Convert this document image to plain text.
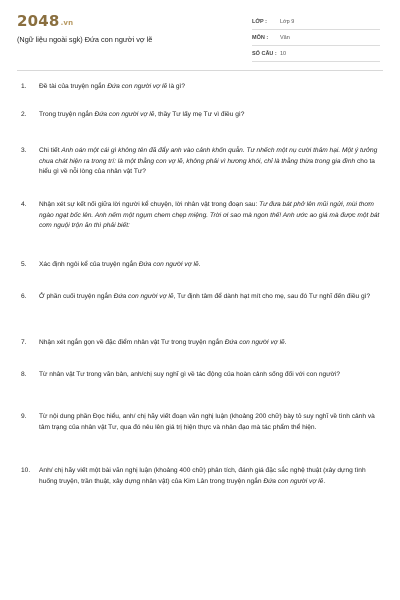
2048.vn
(Ngữ liệu ngoài sgk) Đứa con người vợ lẽ
LỚP :	Lớp 9
MÔN :	Văn
SỐ CÂU : 10
1.	Đề tài của truyện ngắn Đứa con người vợ lẽ là gì?
2.	Trong truyện ngắn Đứa con người vợ lẽ, thầy Tư lấy mẹ Tư vì điều gì?
3.	Chi tiết Anh oán một cái gì không tên đã đẩy anh vào cảnh khốn quẫn. Tư nhếch một nụ cười thảm hại. Một ý tưởng chua chát hiện ra trong trí: là một thằng con vợ lẽ, không phải vì hương khói, chỉ là thằng thừa trong gia đình cho ta hiểu gì về nỗi lòng của nhân vật Tư?
4.	Nhận xét sự kết nối giữa lời người kể chuyện, lời nhân vật trong đoạn sau: Tư đưa bát phở lên mũi ngửi, mùi thơm ngào ngạt bốc lên. Anh nếm một ngụm chem chẹp miệng. Trời ơi sao mà ngon thế! Anh ước ao giá mà được một bát cơm nguội trộn ăn thì phải biết:
5.	Xác định ngôi kể của truyện ngắn Đứa con người vợ lẽ.
6.	Ở phần cuối truyện ngắn Đứa con người vợ lẽ, Tư định tâm để dành hạt mít cho mẹ, sau đó Tư nghĩ đến điều gì?
7.	Nhận xét ngắn gọn về đặc điểm nhân vật Tư trong truyện ngắn Đứa con người vợ lẽ.
8.	Từ nhân vật Tư trong văn bản, anh/chị suy nghĩ gì về tác động của hoàn cảnh sống đối với con người?
9.	Từ nội dung phần Đọc hiểu, anh/ chị hãy viết đoạn văn nghị luận (khoảng 200 chữ) bày tỏ suy nghĩ về tình cảnh và tâm trạng của nhân vật Tư, qua đó nêu lên giá trị hiện thực và nhân đạo mà tác phẩm thể hiện.
10.	Anh/ chị hãy viết một bài văn nghị luận (khoảng 400 chữ) phân tích, đánh giá đặc sắc nghệ thuật (xây dựng tình huống truyện, trần thuật, xây dựng nhân vật) của Kim Lân trong truyện ngắn Đứa con người vợ lẽ.
